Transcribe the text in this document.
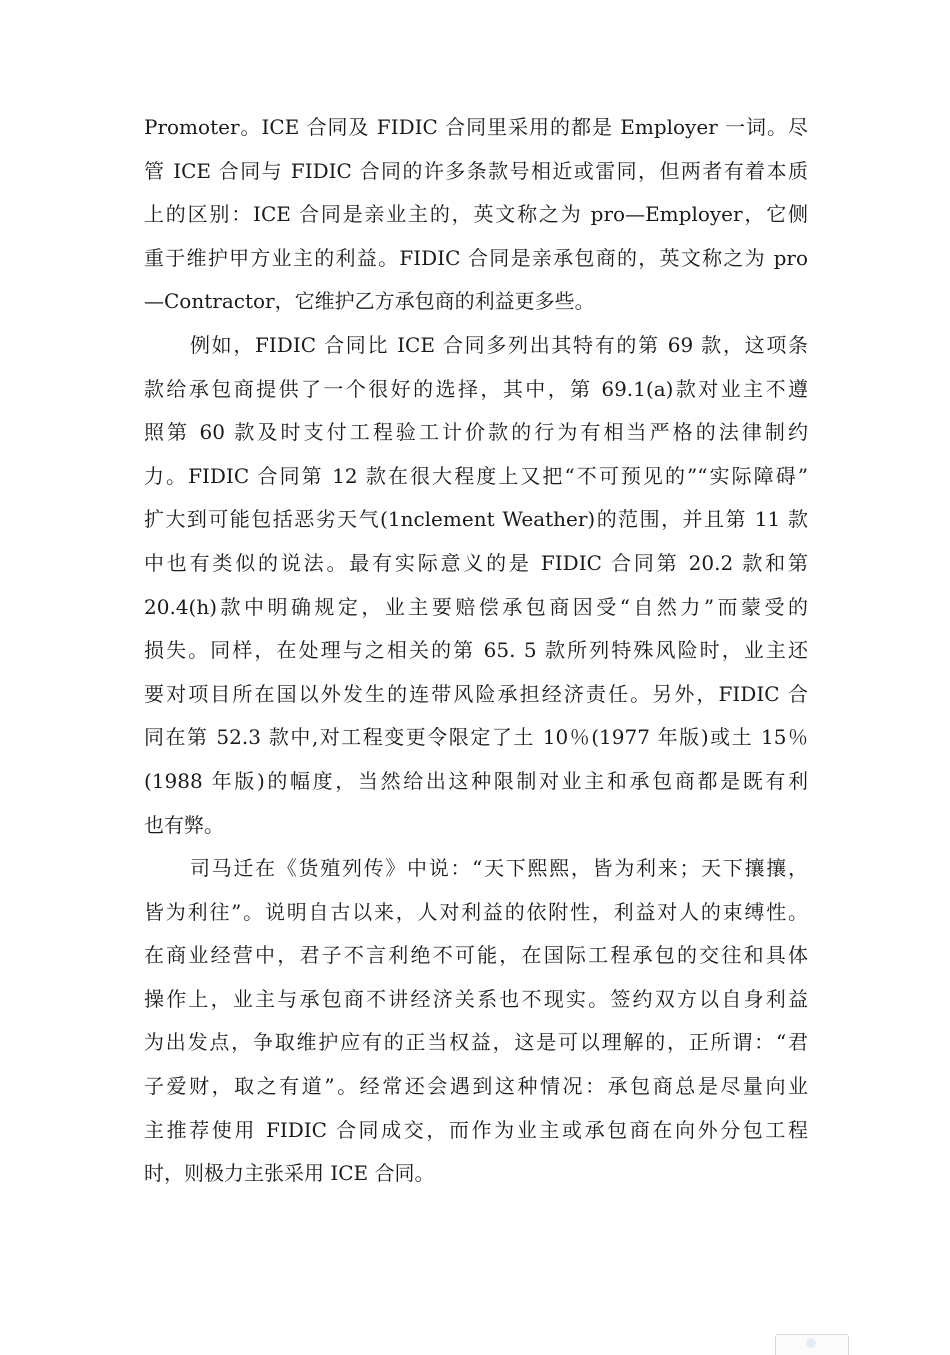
Promoter。ICE 合同及 FIDIC 合同里采用的都是 Employer 一词。尽
管 ICE 合同与 FIDIC 合同的许多条款号相近或雷同，但两者有着本质
上的区别：ICE 合同是亲业主的，英文称之为 pro—Employer，它侧
重于维护甲方业主的利益。FIDIC 合同是亲承包商的，英文称之为 pro
—Contractor，它维护乙方承包商的利益更多些。
例如，FIDIC 合同比 ICE 合同多列出其特有的第 69 款，这项条
款给承包商提供了一个很好的选择，其中，第 69.1(a)款对业主不遵
照第 60 款及时支付工程验工计价款的行为有相当严格的法律制约
力。FIDIC 合同第 12 款在很大程度上又把“不可预见的”“实际障碍”
扩大到可能包括恶劣天气(1nclement Weather)的范围，并且第 11 款
中也有类似的说法。最有实际意义的是 FIDIC 合同第 20.2 款和第
20.4(h)款中明确规定，业主要赔偿承包商因受“自然力”而蒙受的
损失。同样，在处理与之相关的第 65. 5 款所列特殊风险时，业主还
要对项目所在国以外发生的连带风险承担经济责任。另外，FIDIC 合
同在第 52.3 款中,对工程变更令限定了土 10％(1977 年版)或土 15％
(1988 年版)的幅度，当然给出这种限制对业主和承包商都是既有利
也有弊。
司马迁在《货殖列传》中说：“天下熙熙，皆为利来；天下攘攘，
皆为利往”。说明自古以来，人对利益的依附性，利益对人的束缚性。
在商业经营中，君子不言利绝不可能，在国际工程承包的交往和具体
操作上，业主与承包商不讲经济关系也不现实。签约双方以自身利益
为出发点，争取维护应有的正当权益，这是可以理解的，正所谓：“君
子爱财，取之有道”。经常还会遇到这种情况：承包商总是尽量向业
主推荐使用 FIDIC 合同成交，而作为业主或承包商在向外分包工程
时，则极力主张采用 ICE 合同。
